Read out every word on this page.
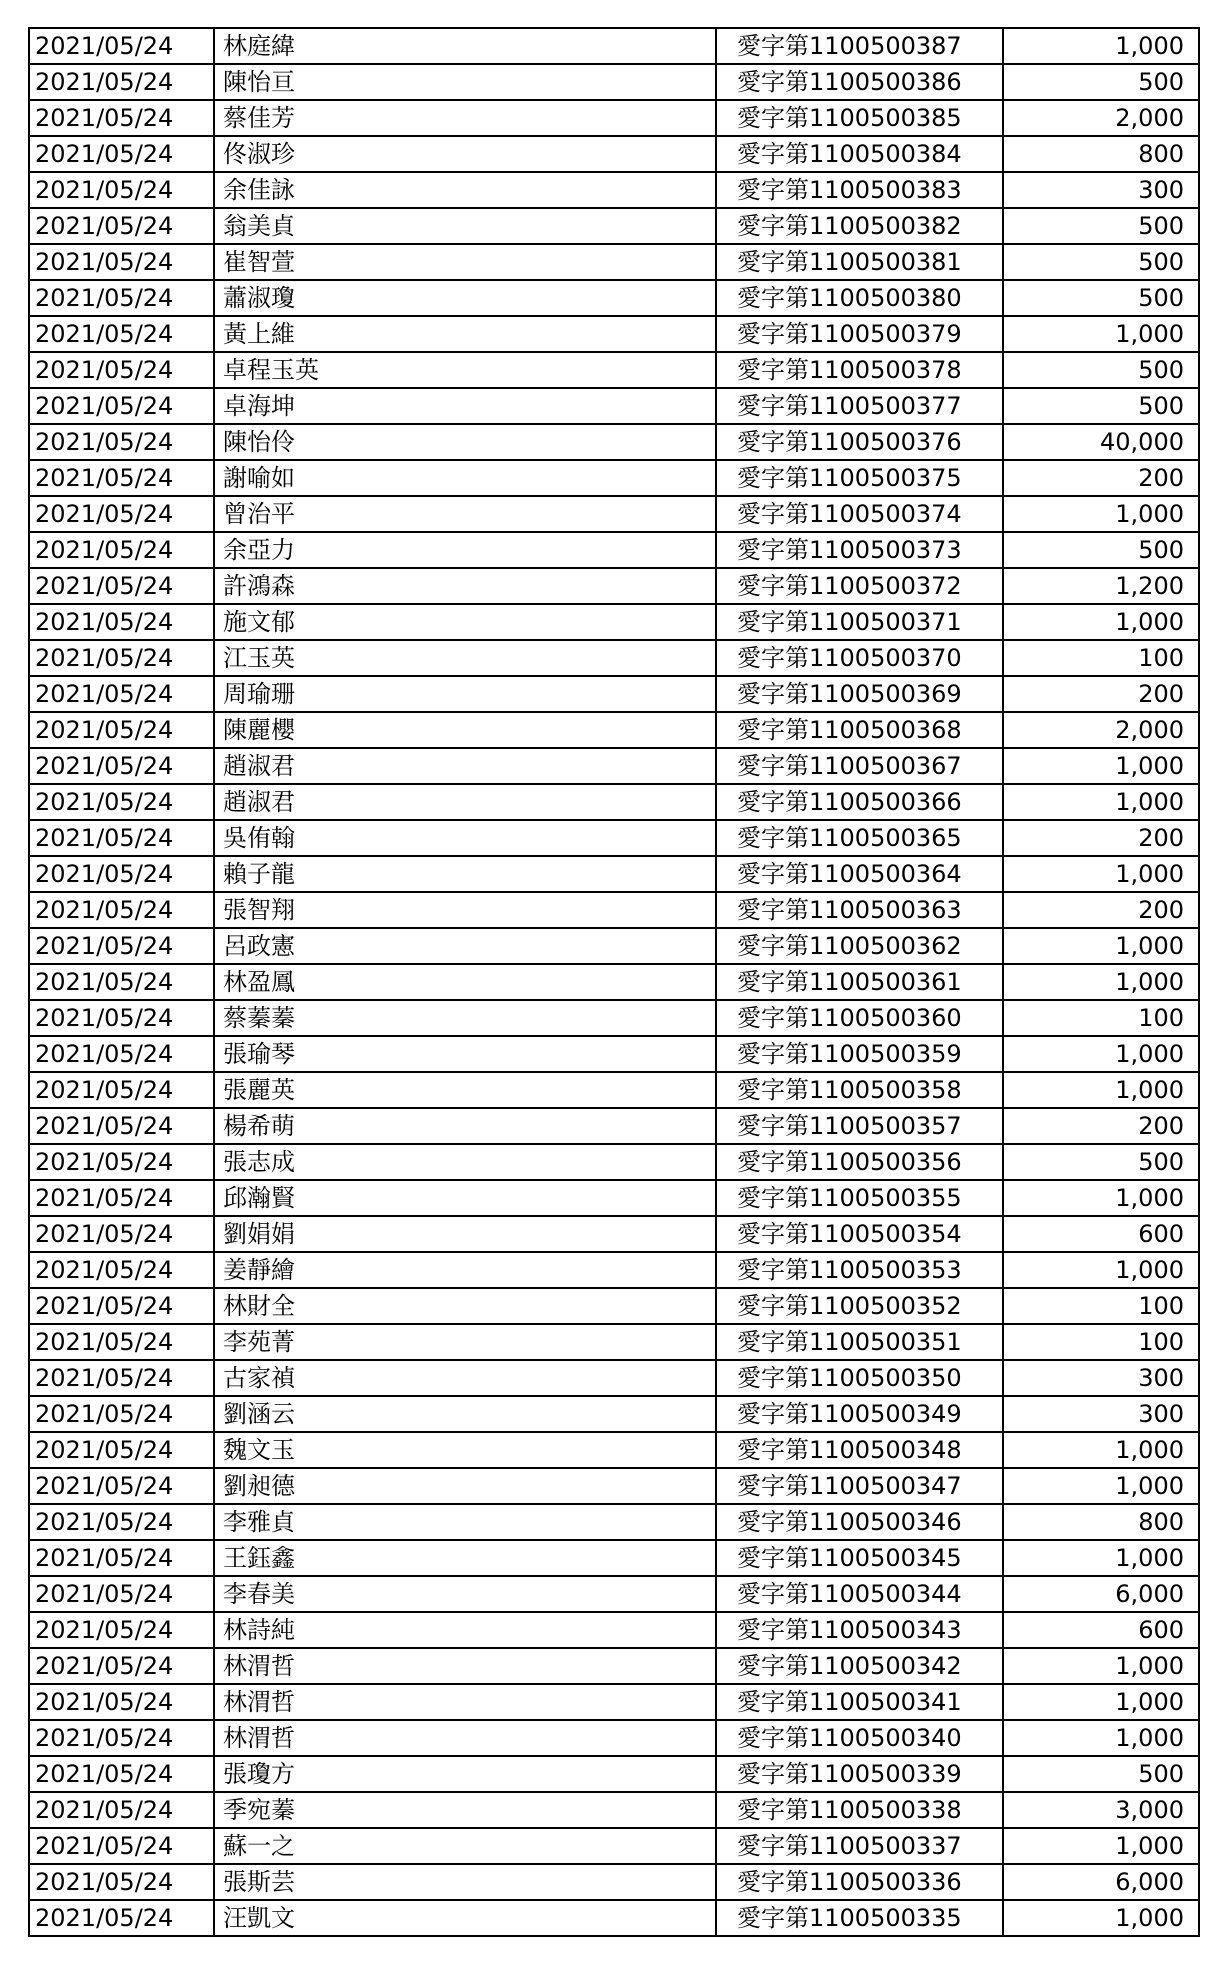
2021/05/24	林庭緯	愛字第1100500387	1,000
2021/05/24	陳怡亘	愛字第1100500386	500
2021/05/24	蔡佳芳	愛字第1100500385	2,000
2021/05/24	佟淑珍	愛字第1100500384	800
2021/05/24	余佳詠	愛字第1100500383	300
2021/05/24	翁美貞	愛字第1100500382	500
2021/05/24	崔智萱	愛字第1100500381	500
2021/05/24	蕭淑瓊	愛字第1100500380	500
2021/05/24	黃上維	愛字第1100500379	1,000
2021/05/24	卓程玉英	愛字第1100500378	500
2021/05/24	卓海坤	愛字第1100500377	500
2021/05/24	陳怡伶	愛字第1100500376	40,000
2021/05/24	謝喻如	愛字第1100500375	200
2021/05/24	曾治平	愛字第1100500374	1,000
2021/05/24	余亞力	愛字第1100500373	500
2021/05/24	許鴻森	愛字第1100500372	1,200
2021/05/24	施文郁	愛字第1100500371	1,000
2021/05/24	江玉英	愛字第1100500370	100
2021/05/24	周瑜珊	愛字第1100500369	200
2021/05/24	陳麗櫻	愛字第1100500368	2,000
2021/05/24	趙淑君	愛字第1100500367	1,000
2021/05/24	趙淑君	愛字第1100500366	1,000
2021/05/24	吳侑翰	愛字第1100500365	200
2021/05/24	賴子龍	愛字第1100500364	1,000
2021/05/24	張智翔	愛字第1100500363	200
2021/05/24	呂政憲	愛字第1100500362	1,000
2021/05/24	林盈鳳	愛字第1100500361	1,000
2021/05/24	蔡蓁蓁	愛字第1100500360	100
2021/05/24	張瑜琴	愛字第1100500359	1,000
2021/05/24	張麗英	愛字第1100500358	1,000
2021/05/24	楊希萌	愛字第1100500357	200
2021/05/24	張志成	愛字第1100500356	500
2021/05/24	邱瀚賢	愛字第1100500355	1,000
2021/05/24	劉娟娟	愛字第1100500354	600
2021/05/24	姜靜繪	愛字第1100500353	1,000
2021/05/24	林財全	愛字第1100500352	100
2021/05/24	李苑菁	愛字第1100500351	100
2021/05/24	古家禎	愛字第1100500350	300
2021/05/24	劉涵云	愛字第1100500349	300
2021/05/24	魏文玉	愛字第1100500348	1,000
2021/05/24	劉昶德	愛字第1100500347	1,000
2021/05/24	李雅貞	愛字第1100500346	800
2021/05/24	王鈺鑫	愛字第1100500345	1,000
2021/05/24	李春美	愛字第1100500344	6,000
2021/05/24	林詩純	愛字第1100500343	600
2021/05/24	林渭哲	愛字第1100500342	1,000
2021/05/24	林渭哲	愛字第1100500341	1,000
2021/05/24	林渭哲	愛字第1100500340	1,000
2021/05/24	張瓊方	愛字第1100500339	500
2021/05/24	季宛蓁	愛字第1100500338	3,000
2021/05/24	蘇一之	愛字第1100500337	1,000
2021/05/24	張斯芸	愛字第1100500336	6,000
2021/05/24	汪凱文	愛字第1100500335	1,000
